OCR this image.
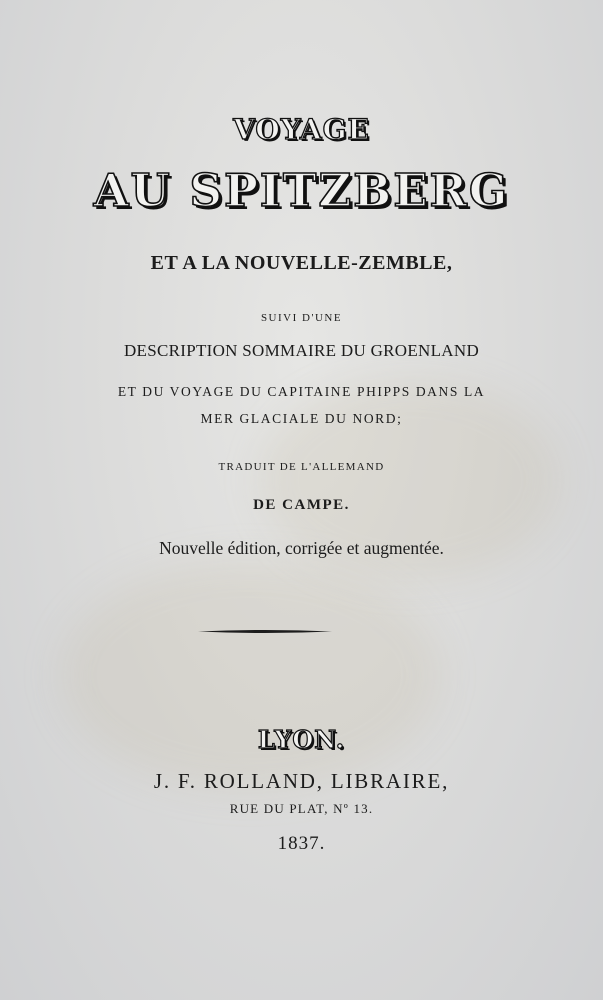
VOYAGE
AU SPITZBERG
ET A LA NOUVELLE-ZEMBLE,
SUIVI D'UNE
DESCRIPTION SOMMAIRE DU GROENLAND
ET DU VOYAGE DU CAPITAINE PHIPPS DANS LA
MER GLACIALE DU NORD;
TRADUIT DE L'ALLEMAND
DE CAMPE.
Nouvelle édition, corrigée et augmentée.
LYON.
J. F. ROLLAND, LIBRAIRE,
RUE DU PLAT, Nº 13.
1837.
